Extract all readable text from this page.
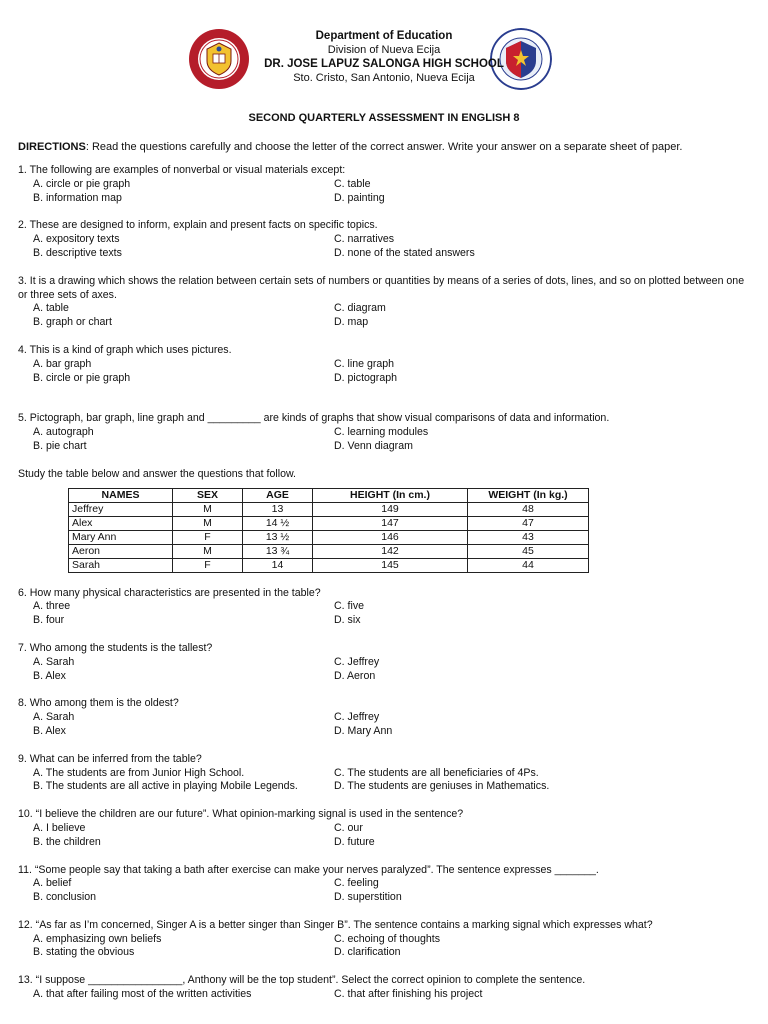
Department of Education
Division of Nueva Ecija
DR. JOSE LAPUZ SALONGA HIGH SCHOOL
Sto. Cristo, San Antonio, Nueva Ecija
SECOND QUARTERLY ASSESSMENT IN ENGLISH 8
DIRECTIONS: Read the questions carefully and choose the letter of the correct answer. Write your answer on a separate sheet of paper.
1. The following are examples of nonverbal or visual materials except:
A. circle or pie graph	C. table
B. information map	D. painting
2. These are designed to inform, explain and present facts on specific topics.
A. expository texts	C. narratives
B. descriptive texts	D. none of the stated answers
3. It is a drawing which shows the relation between certain sets of numbers or quantities by means of a series of dots, lines, and so on plotted between one or three sets of axes.
A. table	C. diagram
B. graph or chart	D. map
4. This is a kind of graph which uses pictures.
A. bar graph	C. line graph
B. circle or pie graph	D. pictograph
5. Pictograph, bar graph, line graph and _________ are kinds of graphs that show visual comparisons of data and information.
A. autograph	C. learning modules
B. pie chart	D. Venn diagram
Study the table below and answer the questions that follow.
NAMES	SEX	AGE	HEIGHT (In cm.)	WEIGHT (In kg.)
Jeffrey	M	13	149	48
Alex	M	14 ½	147	47
Mary Ann	F	13 ½	146	43
Aeron	M	13 ¾	142	45
Sarah	F	14	145	44
6. How many physical characteristics are presented in the table?
A. three	C. five
B. four	D. six
7. Who among the students is the tallest?
A. Sarah	C. Jeffrey
B. Alex	D. Aeron
8. Who among them is the oldest?
A. Sarah	C. Jeffrey
B. Alex	D. Mary Ann
9. What can be inferred from the table?
A. The students are from Junior High School.	C. The students are all beneficiaries of 4Ps.
B. The students are all active in playing Mobile Legends.	D. The students are geniuses in Mathematics.
10. “I believe the children are our future”. What opinion-marking signal is used in the sentence?
A. I believe	C. our
B. the children	D. future
11. “Some people say that taking a bath after exercise can make your nerves paralyzed”. The sentence expresses _______.
A. belief	C. feeling
B. conclusion	D. superstition
12. “As far as I’m concerned, Singer A is a better singer than Singer B”. The sentence contains a marking signal which expresses what?
A. emphasizing own beliefs	C. echoing of thoughts
B. stating the obvious	D. clarification
13. “I suppose ________________, Anthony will be the top student”. Select the correct opinion to complete the sentence.
A. that after failing most of the written activities	C. that after finishing his project
